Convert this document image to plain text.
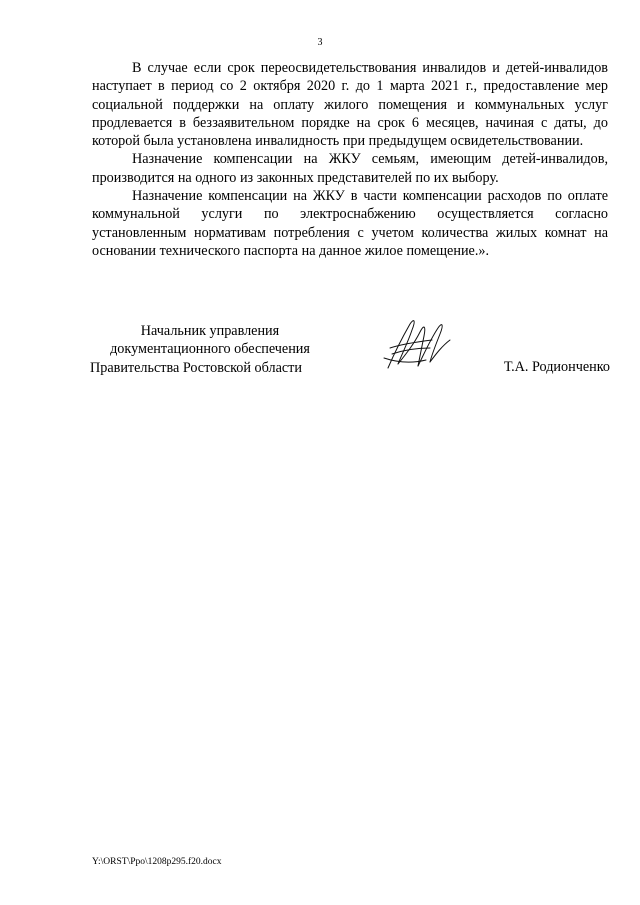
3

В случае если срок переосвидетельствования инвалидов и детей-инвалидов наступает в период со 2 октября 2020 г. до 1 марта 2021 г., предоставление мер социальной поддержки на оплату жилого помещения и коммунальных услуг продлевается в беззаявительном порядке на срок 6 месяцев, начиная с даты, до которой была установлена инвалидность при предыдущем освидетельствовании.

Назначение компенсации на ЖКУ семьям, имеющим детей-инвалидов, производится на одного из законных представителей по их выбору.

Назначение компенсации на ЖКУ в части компенсации расходов по оплате коммунальной услуги по электроснабжению осуществляется согласно установленным нормативам потребления с учетом количества жилых комнат на основании технического паспорта на данное жилое помещение.».

Начальник управления
документационного обеспечения
Правительства Ростовской области	Т.А. Родионченко
Y:\ORST\Ppo\1208p295.f20.docx
